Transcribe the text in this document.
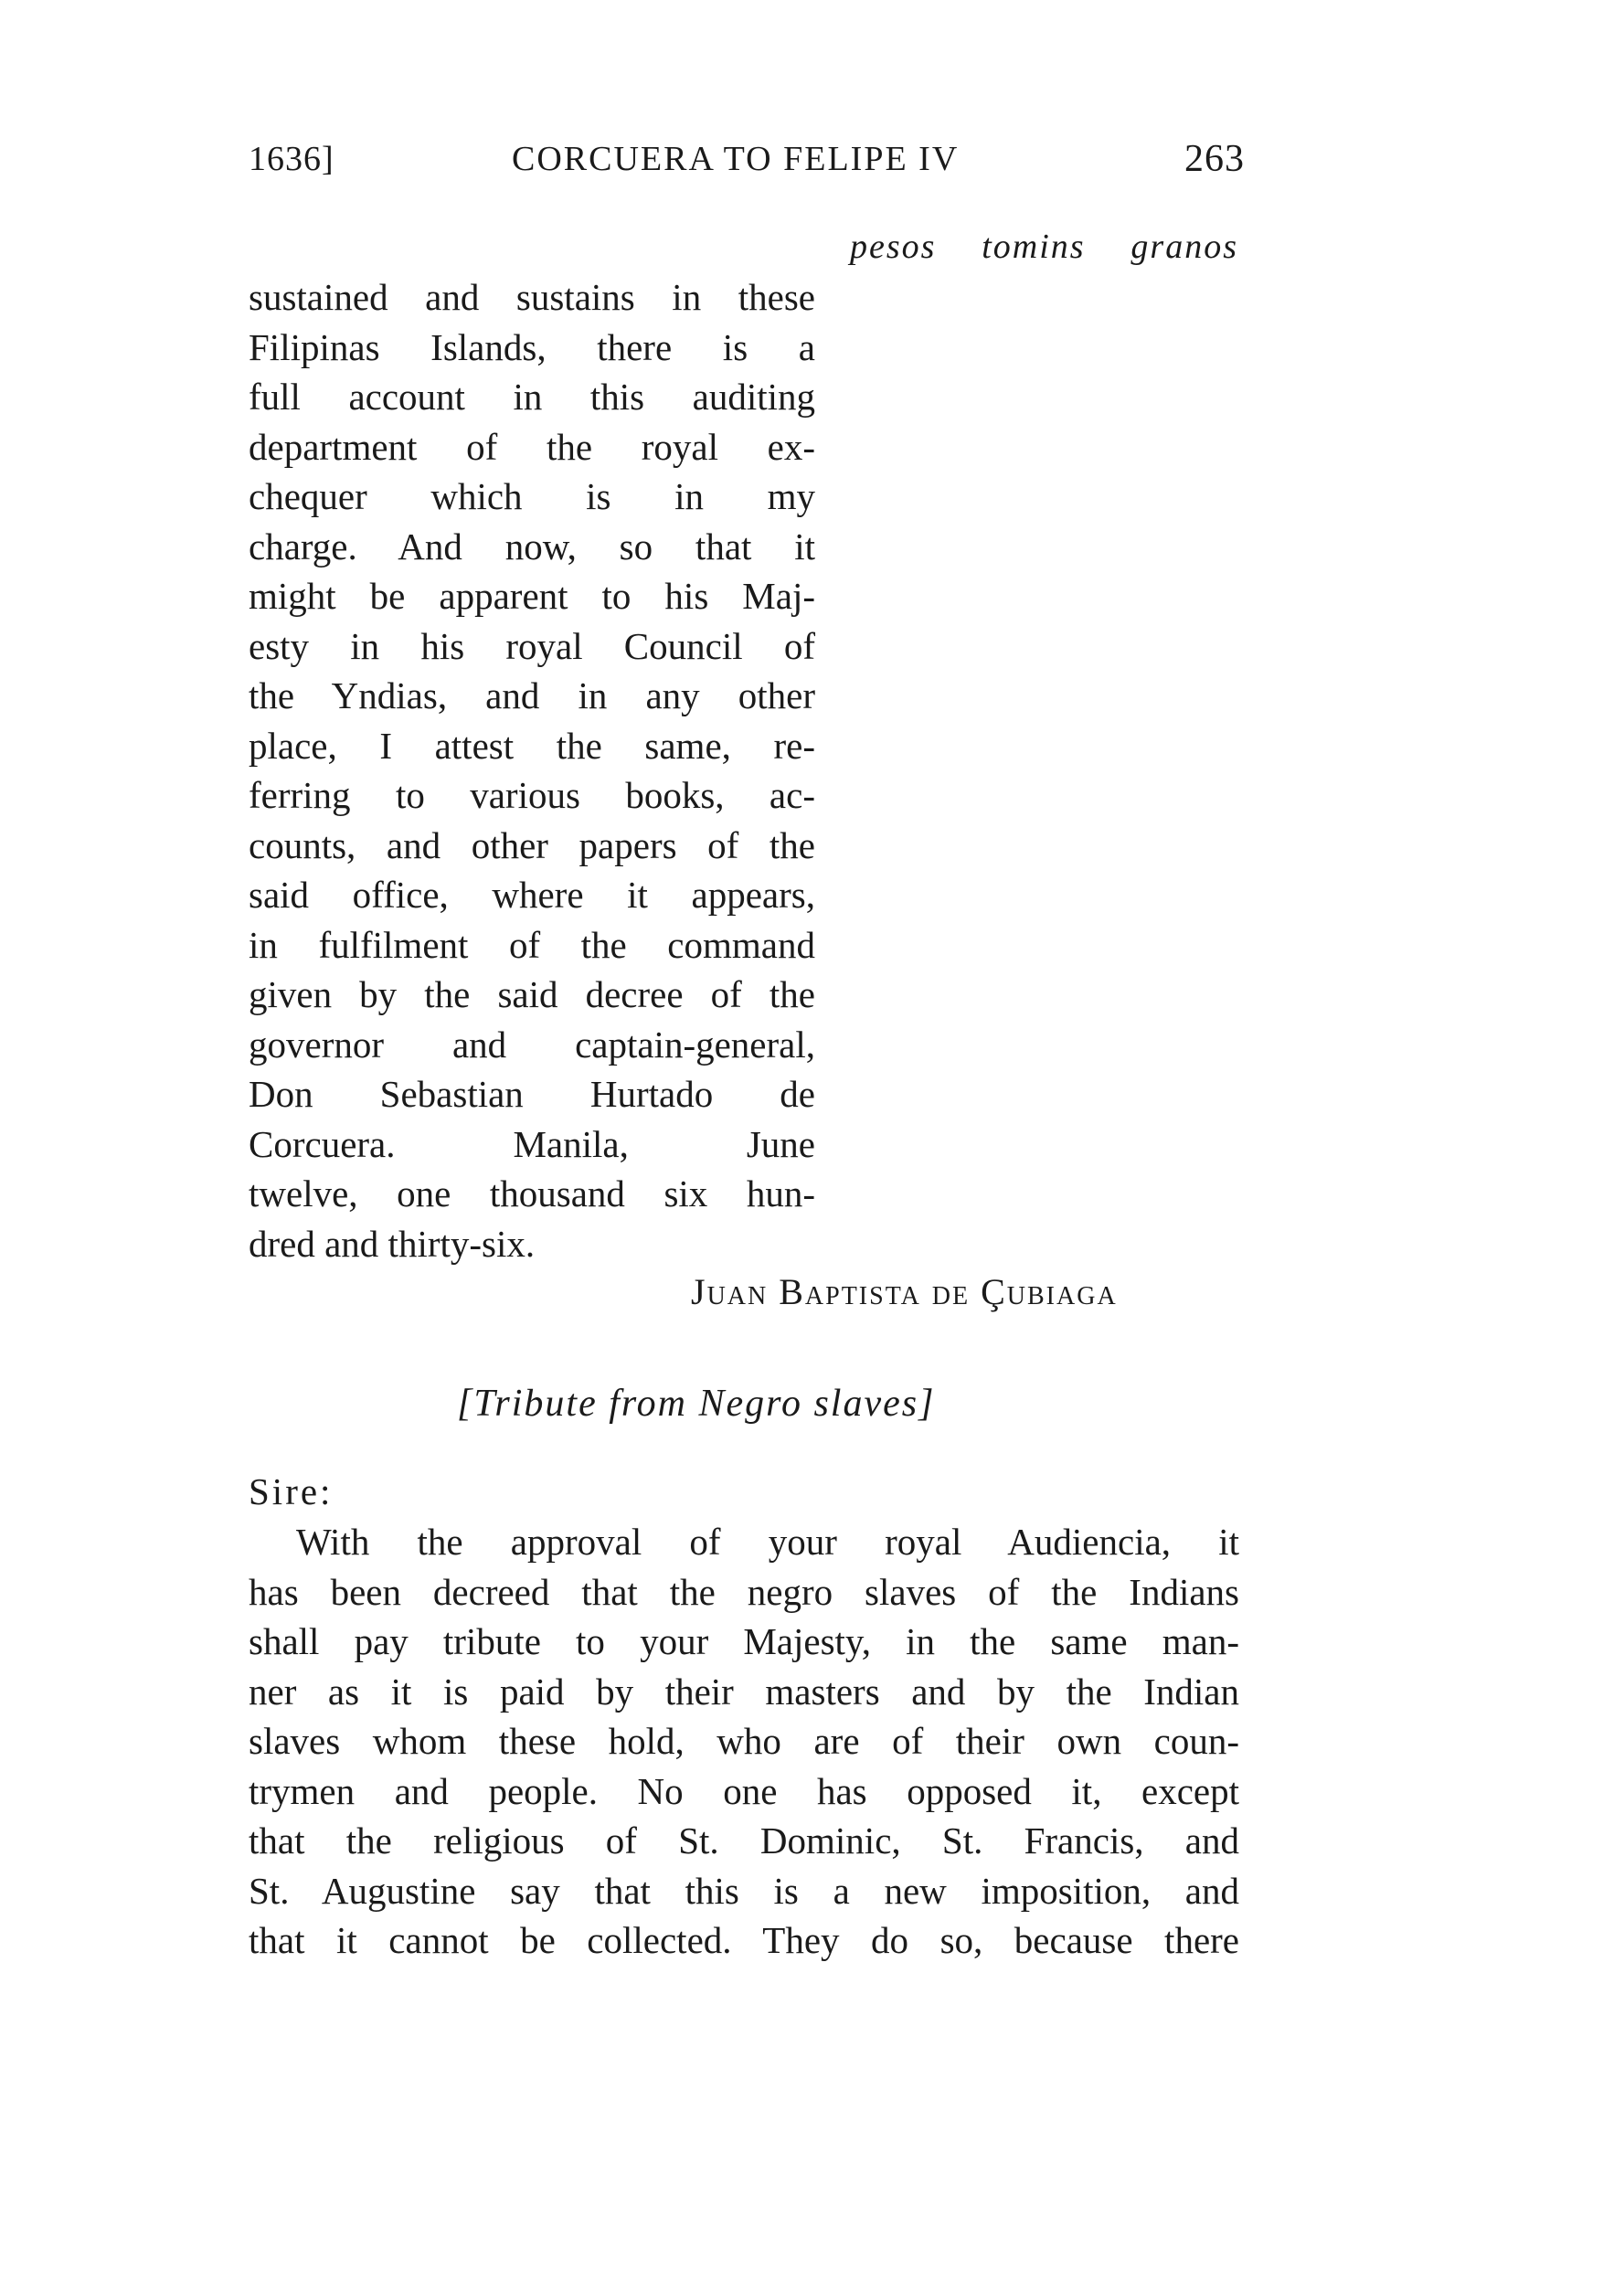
1636]	CORCUERA TO FELIPE IV	263
pesos tomins granos
sustained and sustains in these
Filipinas Islands, there is a
full account in this auditing
department of the royal ex-
chequer which is in my
charge. And now, so that it
might be apparent to his Maj-
esty in his royal Council of
the Yndias, and in any other
place, I attest the same, re-
ferring to various books, ac-
counts, and other papers of the
said office, where it appears,
in fulfilment of the command
given by the said decree of the
governor and captain-general,
Don Sebastian Hurtado de
Corcuera. Manila, June
twelve, one thousand six hun-
dred and thirty-six.
Juan Baptista de Çubiaga
[Tribute from Negro slaves]
Sire:
With the approval of your royal Audiencia, it
has been decreed that the negro slaves of the Indians
shall pay tribute to your Majesty, in the same man-
ner as it is paid by their masters and by the Indian
slaves whom these hold, who are of their own coun-
trymen and people. No one has opposed it, except
that the religious of St. Dominic, St. Francis, and
St. Augustine say that this is a new imposition, and
that it cannot be collected. They do so, because there
